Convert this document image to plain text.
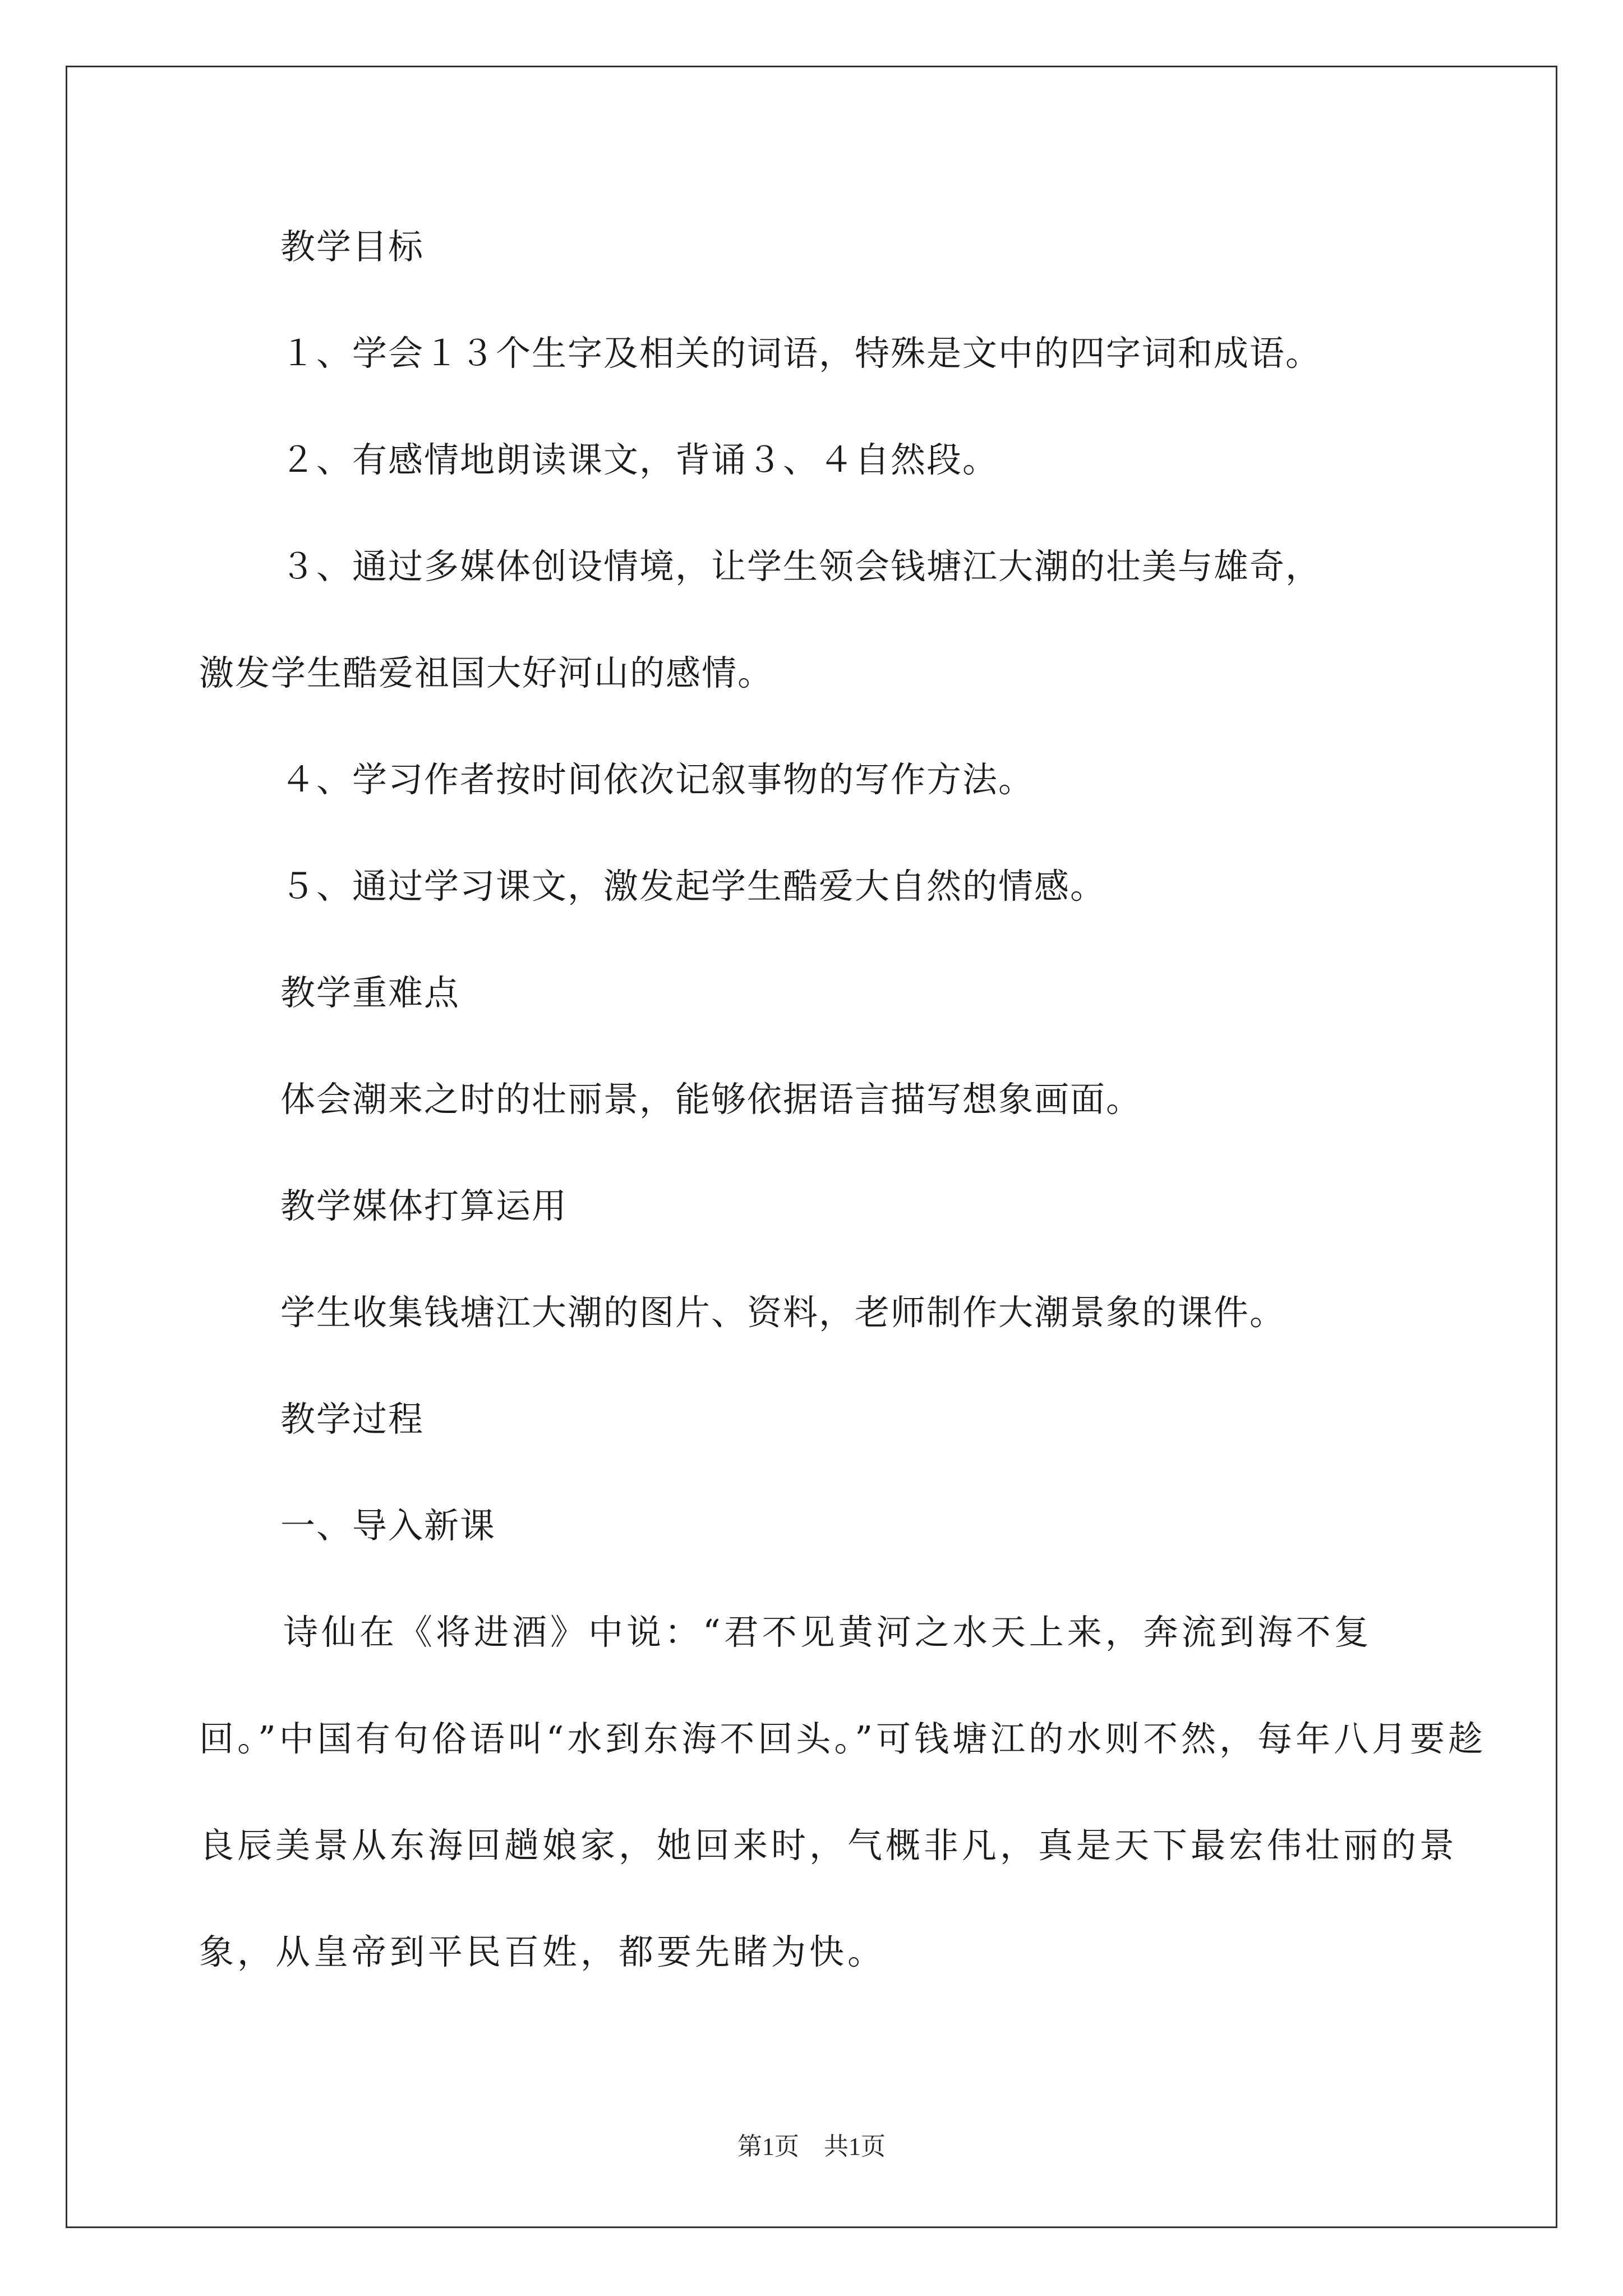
教学目标

１、学会１３个生字及相关的词语，特殊是文中的四字词和成语。

２、有感情地朗读课文，背诵３、４自然段。

３、通过多媒体创设情境，让学生领会钱塘江大潮的壮美与雄奇，

激发学生酷爱祖国大好河山的感情。

４、学习作者按时间依次记叙事物的写作方法。

５、通过学习课文，激发起学生酷爱大自然的情感。

教学重难点

体会潮来之时的壮丽景，能够依据语言描写想象画面。

教学媒体打算运用

学生收集钱塘江大潮的图片、资料，老师制作大潮景象的课件。

教学过程

一、导入新课

诗仙在《将进酒》中说：“君不见黄河之水天上来，奔流到海不复回。”中国有句俗语叫“水到东海不回头。”可钱塘江的水则不然，每年八月要趁良辰美景从东海回趟娘家，她回来时，气概非凡，真是天下最宏伟壮丽的景象，从皇帝到平民百姓，都要先睹为快。

第1页　共1页
